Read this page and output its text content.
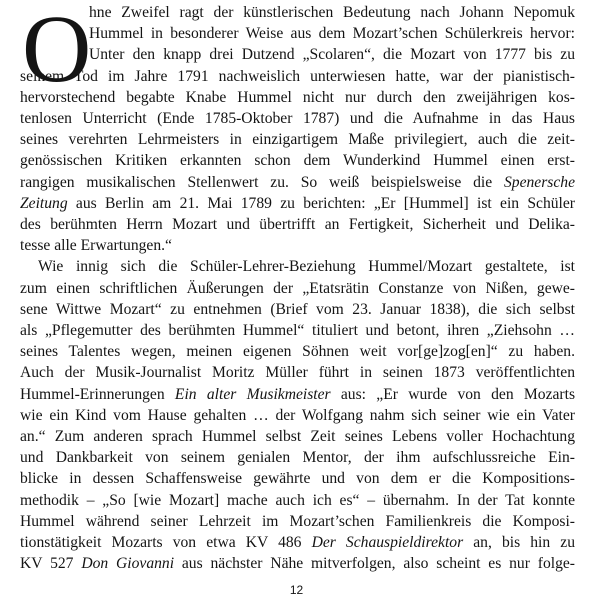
O
hne Zweifel ragt der künstlerischen Bedeutung nach Johann Nepomuk
Hummel in besonderer Weise aus dem Mozart’schen Schülerkreis hervor:
Unter den knapp drei Dutzend „Scolaren“, die Mozart von 1777 bis zu
seinem Tod im Jahre 1791 nachweislich unterwiesen hatte, war der pianistisch-
hervorstechend begabte Knabe Hummel nicht nur durch den zweijährigen kos-
tenlosen Unterricht (Ende 1785-Oktober 1787) und die Aufnahme in das Haus
seines verehrten Lehrmeisters in einzigartigem Maße privilegiert, auch die zeit-
genössischen Kritiken erkannten schon dem Wunderkind Hummel einen erst-
rangigen musikalischen Stellenwert zu. So weiß beispielsweise die Spenersche
Zeitung aus Berlin am 21. Mai 1789 zu berichten: „Er [Hummel] ist ein Schüler
des berühmten Herrn Mozart und übertrifft an Fertigkeit, Sicherheit und Delika-
tesse alle Erwartungen.“
Wie innig sich die Schüler-Lehrer-Beziehung Hummel/Mozart gestaltete, ist
zum einen schriftlichen Äußerungen der „Etatsrätin Constanze von Nißen, gewe-
sene Wittwe Mozart“ zu entnehmen (Brief vom 23. Januar 1838), die sich selbst
als „Pflegemutter des berühmten Hummel“ tituliert und betont, ihren „Ziehsohn …
seines Talentes wegen, meinen eigenen Söhnen weit vor[ge]zog[en]“ zu haben.
Auch der Musik-Journalist Moritz Müller führt in seinen 1873 veröffentlichten
Hummel-Erinnerungen Ein alter Musikmeister aus: „Er wurde von den Mozarts
wie ein Kind vom Hause gehalten … der Wolfgang nahm sich seiner wie ein Vater
an.“ Zum anderen sprach Hummel selbst Zeit seines Lebens voller Hochachtung
und Dankbarkeit von seinem genialen Mentor, der ihm aufschlussreiche Ein-
blicke in dessen Schaffensweise gewährte und von dem er die Kompositions-
methodik – „So [wie Mozart] mache auch ich es“ – übernahm. In der Tat konnte
Hummel während seiner Lehrzeit im Mozart’schen Familienkreis die Komposi-
tionstätigkeit Mozarts von etwa KV 486 Der Schauspieldirektor an, bis hin zu
KV 527 Don Giovanni aus nächster Nähe mitverfolgen, also scheint es nur folge-
12
